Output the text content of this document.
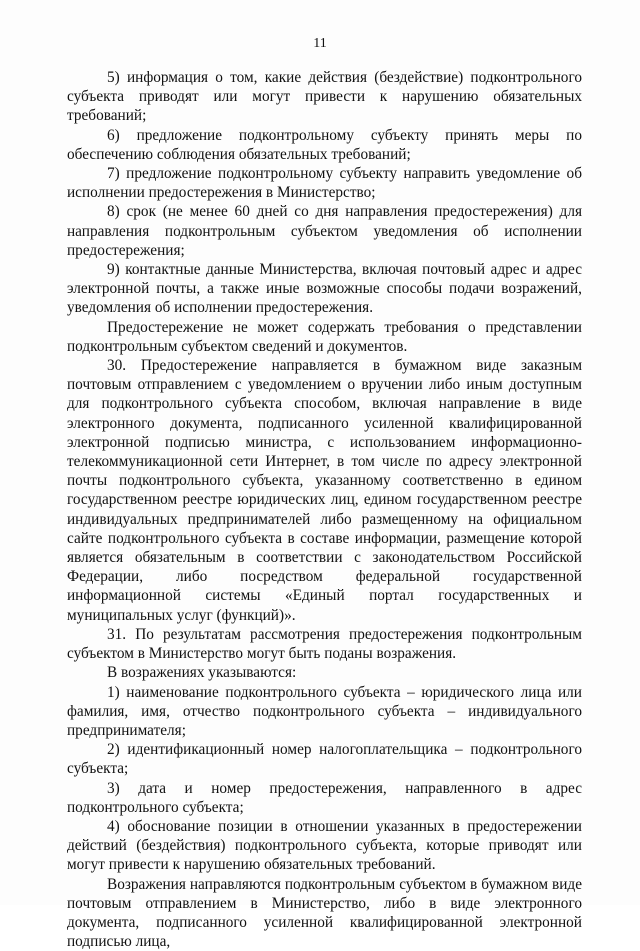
11

5) информация о том, какие действия (бездействие) подконтрольного субъекта приводят или могут привести к нарушению обязательных требований;

6) предложение подконтрольному субъекту принять меры по обеспечению соблюдения обязательных требований;

7) предложение подконтрольному субъекту направить уведомление об исполнении предостережения в Министерство;

8) срок (не менее 60 дней со дня направления предостережения) для направления подконтрольным субъектом уведомления об исполнении предостережения;

9) контактные данные Министерства, включая почтовый адрес и адрес электронной почты, а также иные возможные способы подачи возражений, уведомления об исполнении предостережения.

Предостережение не может содержать требования о представлении подконтрольным субъектом сведений и документов.

30. Предостережение направляется в бумажном виде заказным почтовым отправлением с уведомлением о вручении либо иным доступным для подконтрольного субъекта способом, включая направление в виде электронного документа, подписанного усиленной квалифицированной электронной подписью министра, с использованием информационно-телекоммуникационной сети Интернет, в том числе по адресу электронной почты подконтрольного субъекта, указанному соответственно в едином государственном реестре юридических лиц, едином государственном реестре индивидуальных предпринимателей либо размещенному на официальном сайте подконтрольного субъекта в составе информации, размещение которой является обязательным в соответствии с законодательством Российской Федерации, либо посредством федеральной государственной информационной системы «Единый портал государственных и муниципальных услуг (функций)».

31. По результатам рассмотрения предостережения подконтрольным субъектом в Министерство могут быть поданы возражения.

В возражениях указываются:

1) наименование подконтрольного субъекта – юридического лица или фамилия, имя, отчество подконтрольного субъекта – индивидуального предпринимателя;

2) идентификационный номер налогоплательщика – подконтрольного субъекта;

3) дата и номер предостережения, направленного в адрес подконтрольного субъекта;

4) обоснование позиции в отношении указанных в предостережении действий (бездействия) подконтрольного субъекта, которые приводят или могут привести к нарушению обязательных требований.

Возражения направляются подконтрольным субъектом в бумажном виде почтовым отправлением в Министерство, либо в виде электронного документа, подписанного усиленной квалифицированной электронной подписью лица,
